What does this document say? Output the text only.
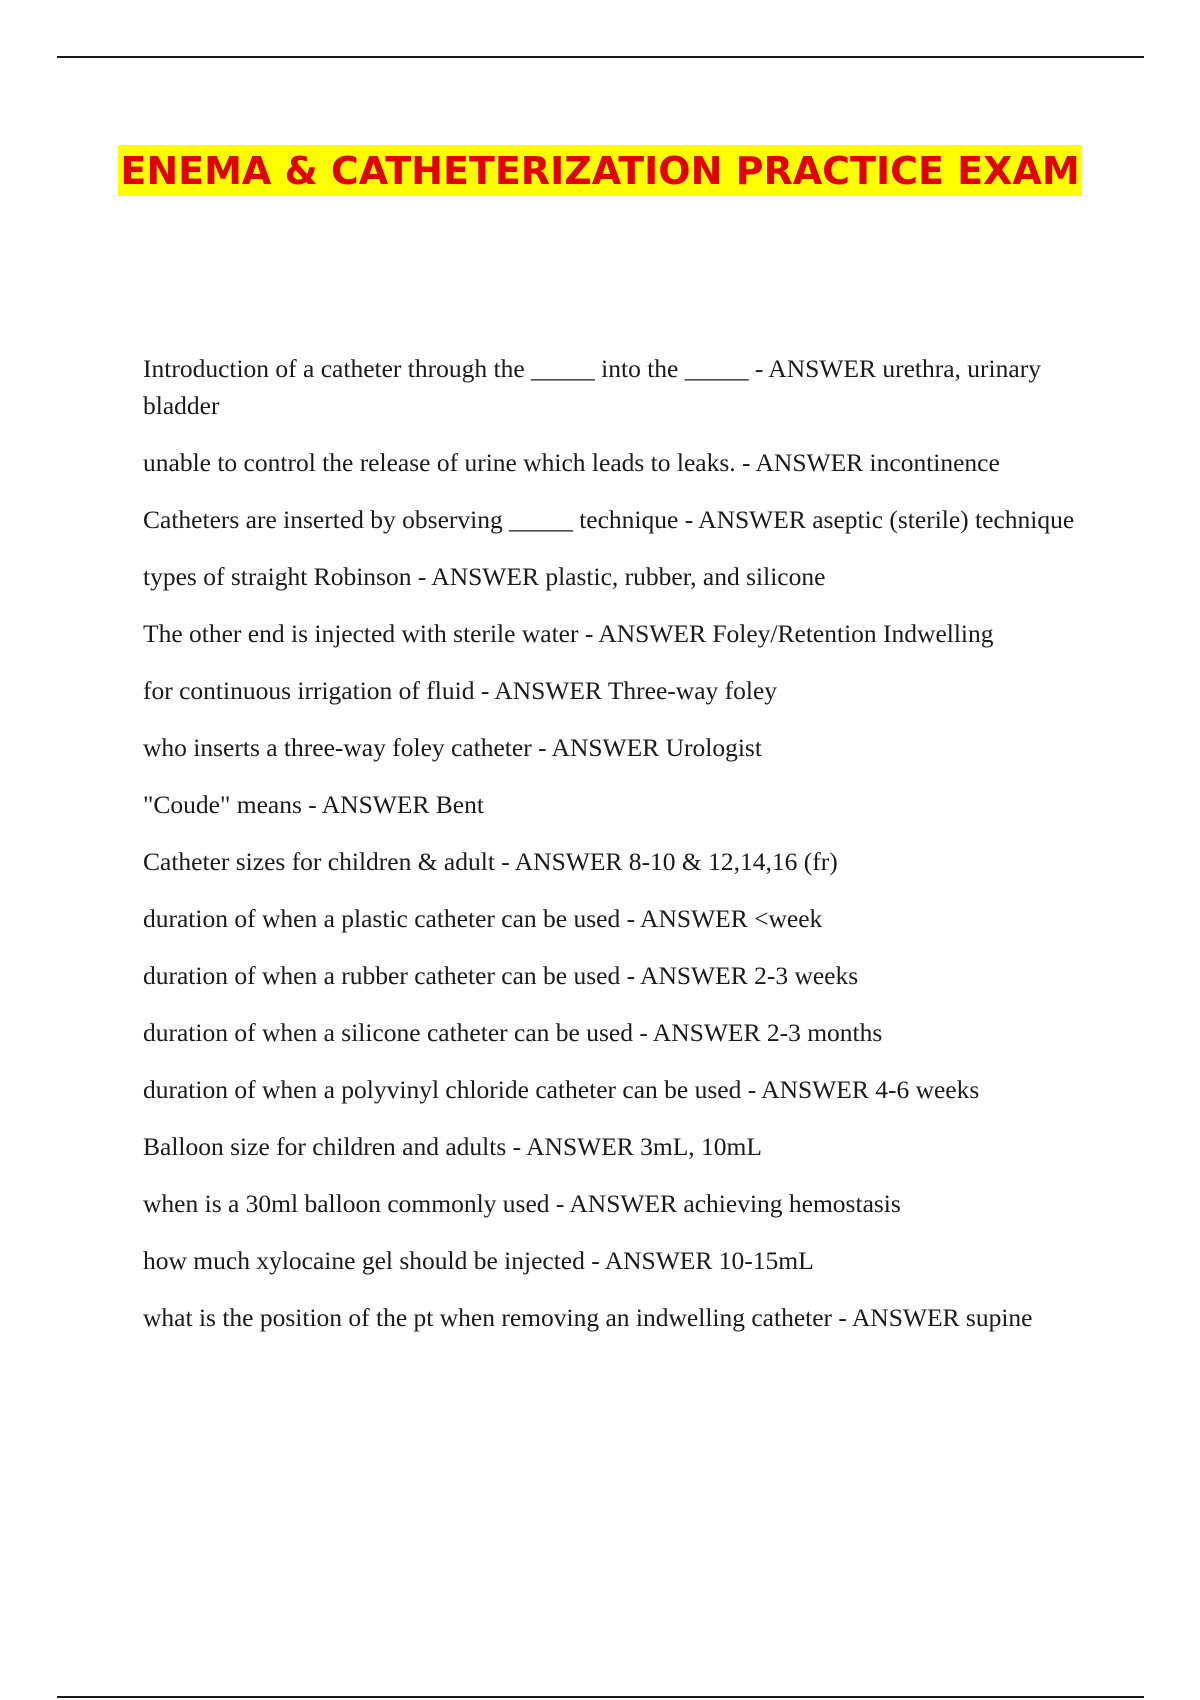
ENEMA & CATHETERIZATION PRACTICE EXAM
Introduction of a catheter through the _____ into the _____ - ANSWER urethra, urinary bladder
unable to control the release of urine which leads to leaks. - ANSWER incontinence
Catheters are inserted by observing _____ technique - ANSWER aseptic (sterile) technique
types of straight Robinson - ANSWER plastic, rubber, and silicone
The other end is injected with sterile water - ANSWER Foley/Retention Indwelling
for continuous irrigation of fluid - ANSWER Three-way foley
who inserts a three-way foley catheter - ANSWER Urologist
"Coude" means - ANSWER Bent
Catheter sizes for children & adult - ANSWER 8-10 & 12,14,16 (fr)
duration of when a plastic catheter can be used - ANSWER <week
duration of when a rubber catheter can be used - ANSWER 2-3 weeks
duration of when a silicone catheter can be used - ANSWER 2-3 months
duration of when a polyvinyl chloride catheter can be used - ANSWER 4-6 weeks
Balloon size for children and adults - ANSWER 3mL, 10mL
when is a 30ml balloon commonly used - ANSWER achieving hemostasis
how much xylocaine gel should be injected - ANSWER 10-15mL
what is the position of the pt when removing an indwelling catheter - ANSWER supine
